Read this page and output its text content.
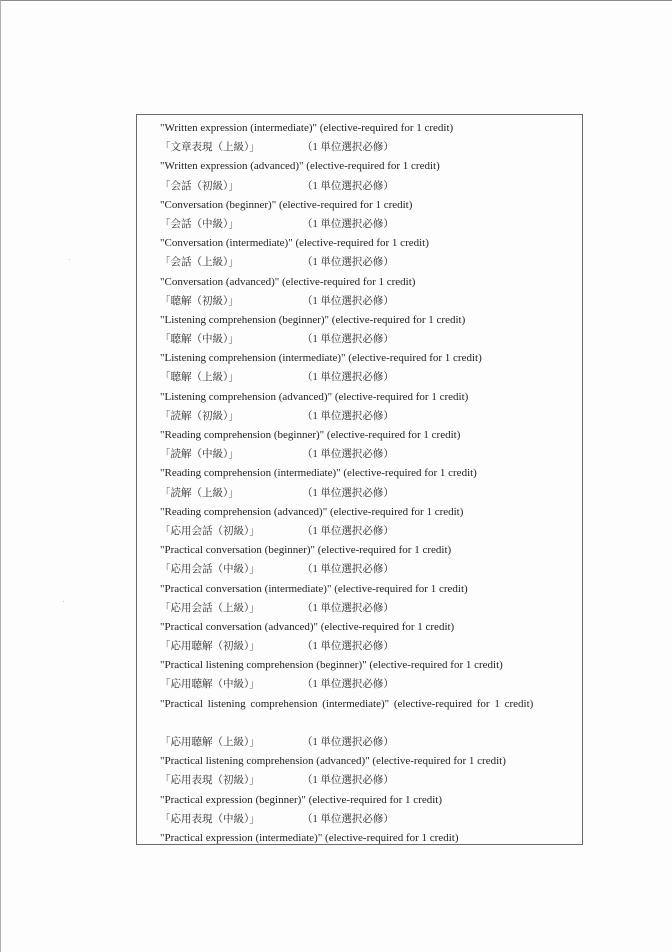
"Written expression (intermediate)" (elective-required for 1 credit)
「文章表現（上級）」	（1 単位選択必修）
"Written expression (advanced)" (elective-required for 1 credit)
「会話（初級）」	（1 単位選択必修）
"Conversation (beginner)" (elective-required for 1 credit)
「会話（中級）」	（1 単位選択必修）
"Conversation (intermediate)" (elective-required for 1 credit)
「会話（上級）」	（1 単位選択必修）
"Conversation (advanced)" (elective-required for 1 credit)
「聴解（初級）」	（1 単位選択必修）
"Listening comprehension (beginner)" (elective-required for 1 credit)
「聴解（中級）」	（1 単位選択必修）
"Listening comprehension (intermediate)" (elective-required for 1 credit)
「聴解（上級）」	（1 単位選択必修）
"Listening comprehension (advanced)" (elective-required for 1 credit)
「読解（初級）」	（1 単位選択必修）
"Reading comprehension (beginner)" (elective-required for 1 credit)
「読解（中級）」	（1 単位選択必修）
"Reading comprehension (intermediate)" (elective-required for 1 credit)
「読解（上級）」	（1 単位選択必修）
"Reading comprehension (advanced)" (elective-required for 1 credit)
「応用会話（初級）」	（1 単位選択必修）
"Practical conversation (beginner)" (elective-required for 1 credit)
「応用会話（中級）」	（1 単位選択必修）
"Practical conversation (intermediate)" (elective-required for 1 credit)
「応用会話（上級）」	（1 単位選択必修）
"Practical conversation (advanced)" (elective-required for 1 credit)
「応用聴解（初級）」	（1 単位選択必修）
"Practical listening comprehension (beginner)" (elective-required for 1 credit)
「応用聴解（中級）」	（1 単位選択必修）
"Practical listening comprehension (intermediate)" (elective-required for 1 credit)
「応用聴解（上級）」	（1 単位選択必修）
"Practical listening comprehension (advanced)" (elective-required for 1 credit)
「応用表現（初級）」	（1 単位選択必修）
"Practical expression (beginner)" (elective-required for 1 credit)
「応用表現（中級）」	（1 単位選択必修）
"Practical expression (intermediate)" (elective-required for 1 credit)
